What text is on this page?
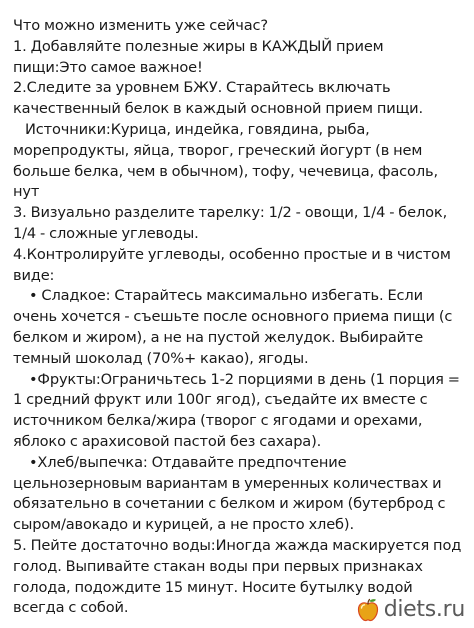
Что можно изменить уже сейчас?
1. Добавляйте полезные жиры в КАЖДЫЙ прием
пищи:Это самое важное!
2.Следите за уровнем БЖУ. Старайтесь включать
качественный белок в каждый основной прием пищи.
Источники:Курица, индейка, говядина, рыба,
морепродукты, яйца, творог, греческий йогурт (в нем
больше белка, чем в обычном), тофу, чечевица, фасоль,
нут
3. Визуально разделите тарелку: 1/2 - овощи, 1/4 - белок,
1/4 - сложные углеводы.
4.Контролируйте углеводы, особенно простые и в чистом
виде:
• Сладкое: Старайтесь максимально избегать. Если
очень хочется - съешьте после основного приема пищи (с
белком и жиром), а не на пустой желудок. Выбирайте
темный шоколад (70%+ какао), ягоды.
•Фрукты:Ограничьтесь 1-2 порциями в день (1 порция =
1 средний фрукт или 100г ягод), съедайте их вместе с
источником белка/жира (творог с ягодами и орехами,
яблоко с арахисовой пастой без сахара).
•Хлеб/выпечка: Отдавайте предпочтение
цельнозерновым вариантам в умеренных количествах и
обязательно в сочетании с белком и жиром (бутерброд с
сыром/авокадо и курицей, а не просто хлеб).
5. Пейте достаточно воды:Иногда жажда маскируется под
голод. Выпивайте стакан воды при первых признаках
голода, подождите 15 минут. Носите бутылку водой
всегда с собой.	diets.ru
